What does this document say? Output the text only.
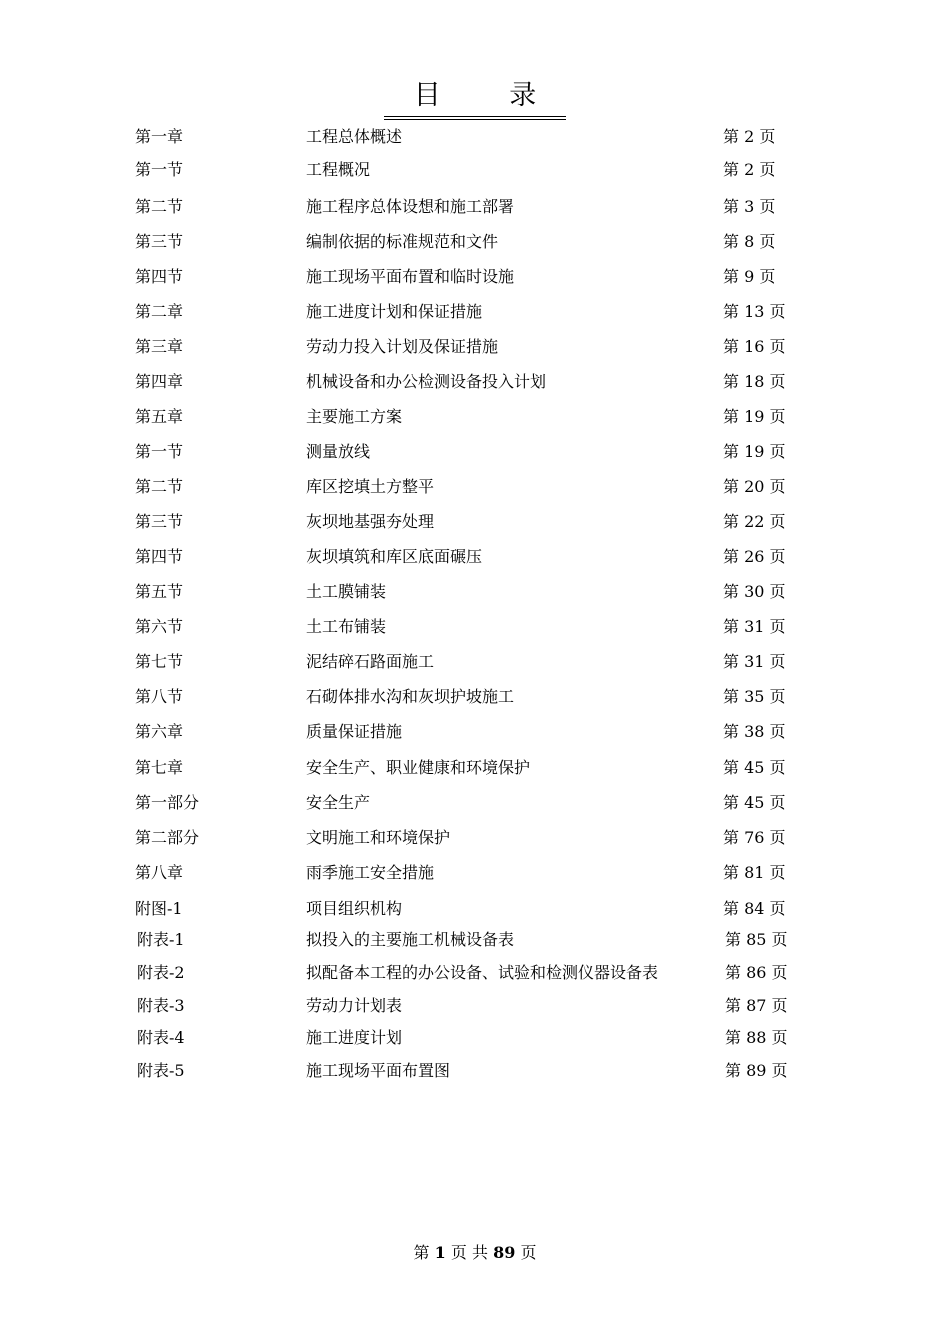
目 录
第一章	工程总体概述	第 2 页
第一节	工程概况	第 2 页
第二节	施工程序总体设想和施工部署	第 3 页
第三节	编制依据的标准规范和文件	第 8 页
第四节	施工现场平面布置和临时设施	第 9 页
第二章	施工进度计划和保证措施	第 13 页
第三章	劳动力投入计划及保证措施	第 16 页
第四章	机械设备和办公检测设备投入计划	第 18 页
第五章	主要施工方案	第 19 页
第一节	测量放线	第 19 页
第二节	库区挖填土方整平	第 20 页
第三节	灰坝地基强夯处理	第 22 页
第四节	灰坝填筑和库区底面碾压	第 26 页
第五节	土工膜铺装	第 30 页
第六节	土工布铺装	第 31 页
第七节	泥结碎石路面施工	第 31 页
第八节	石砌体排水沟和灰坝护坡施工	第 35 页
第六章	质量保证措施	第 38 页
第七章	安全生产、职业健康和环境保护	第 45 页
第一部分	安全生产	第 45 页
第二部分	文明施工和环境保护	第 76 页
第八章	雨季施工安全措施	第 81 页
附图-1	项目组织机构	第 84 页
附表-1	拟投入的主要施工机械设备表	第 85 页
附表-2	拟配备本工程的办公设备、试验和检测仪器设备表	第 86 页
附表-3	劳动力计划表	第 87 页
附表-4	施工进度计划	第 88 页
附表-5	施工现场平面布置图	第 89 页
第 1 页 共 89 页
